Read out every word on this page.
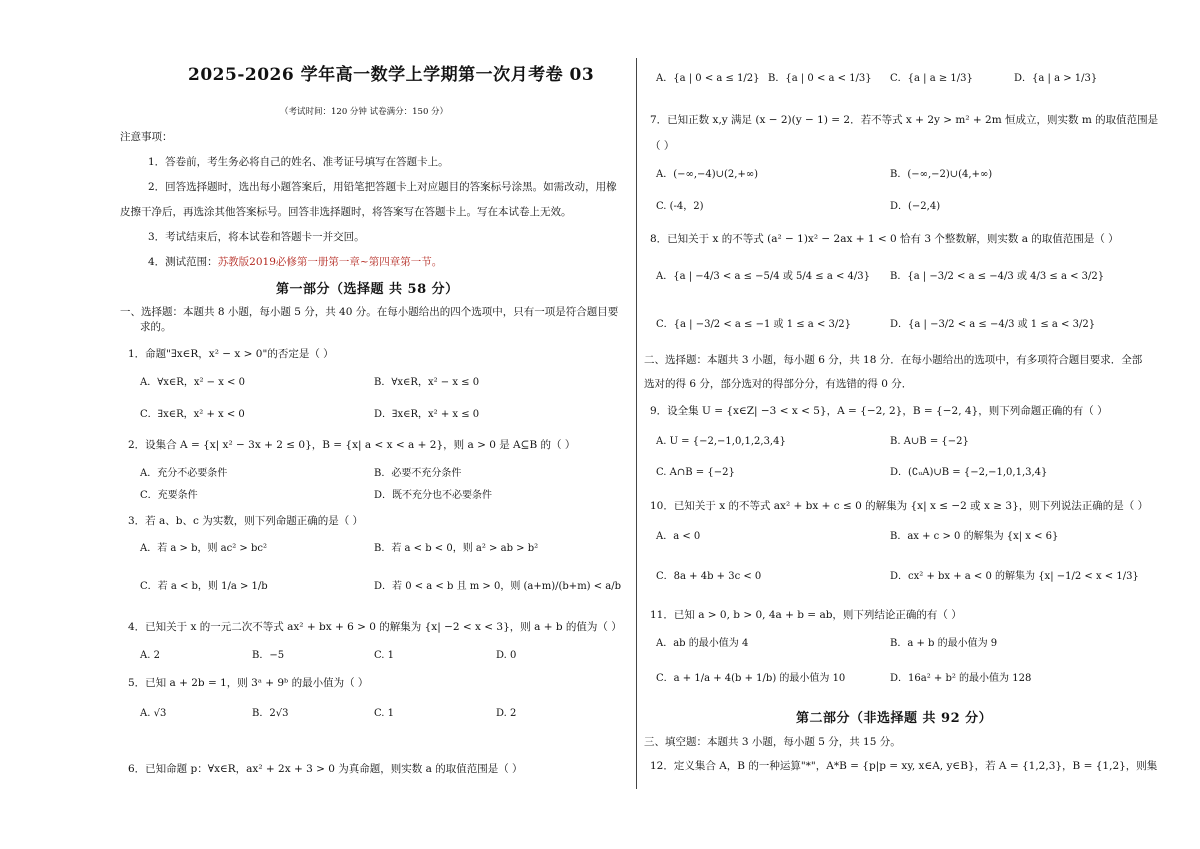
2025-2026 学年高一数学上学期第一次月考卷 03
（考试时间：120 分钟 试卷满分：150 分）
注意事项：
1．答卷前，考生务必将自己的姓名、准考证号填写在答题卡上。
2．回答选择题时，选出每小题答案后，用铅笔把答题卡上对应题目的答案标号涂黑。如需改动，用橡
皮擦干净后，再选涂其他答案标号。回答非选择题时，将答案写在答题卡上。写在本试卷上无效。
3．考试结束后，将本试卷和答题卡一并交回。
4．测试范围：苏教版2019必修第一册第一章~第四章第一节。
第一部分（选择题 共 58 分）
一、选择题：本题共 8 小题，每小题 5 分，共 40 分。在每小题给出的四个选项中，只有一项是符合题目要
求的。
1．命题"∃x∈R，x² − x > 0"的否定是（ ）
A．∀x∈R，x² − x < 0	B．∀x∈R，x² − x ≤ 0
C．∃x∈R，x² + x < 0	D．∃x∈R，x² + x ≤ 0
2．设集合 A = {x| x² − 3x + 2 ≤ 0}，B = {x| a < x < a + 2}，则 a > 0 是 A⊆B 的（ ）
A．充分不必要条件	B．必要不充分条件
C．充要条件	D．既不充分也不必要条件
3．若 a、b、c 为实数，则下列命题正确的是（ ）
A．若 a > b，则 ac² > bc²	B．若 a < b < 0，则 a² > ab > b²
C．若 a < b，则 1/a > 1/b	D．若 0 < a < b 且 m > 0，则 (a+m)/(b+m) < a/b
4．已知关于 x 的一元二次不等式 ax² + bx + 6 > 0 的解集为 {x| −2 < x < 3}，则 a + b 的值为（ ）
A. 2	B．−5	C. 1	D. 0
5．已知 a + 2b = 1，则 3ᵃ + 9ᵇ 的最小值为（ ）
A. √3	B．2√3	C. 1	D. 2
6．已知命题 p：∀x∈R，ax² + 2x + 3 > 0 为真命题，则实数 a 的取值范围是（ ）
A．{a | 0 < a ≤ 1/2} B．{a | 0 < a < 1/3} C．{a | a ≥ 1/3}	D．{a | a > 1/3}
7．已知正数 x,y 满足 (x − 2)(y − 1) = 2．若不等式 x + 2y > m² + 2m 恒成立，则实数 m 的取值范围是
（ ）
A．(−∞,−4)∪(2,+∞)	B．(−∞,−2)∪(4,+∞)
C. (-4，2)	D．(−2,4)
8．已知关于 x 的不等式 (a² − 1)x² − 2ax + 1 < 0 恰有 3 个整数解，则实数 a 的取值范围是（ ）
A．{a | −4/3 < a ≤ −5/4 或 5/4 ≤ a < 4/3} B．{a | −3/2 < a ≤ −4/3 或 4/3 ≤ a < 3/2}
C．{a | −3/2 < a ≤ −1 或 1 ≤ a < 3/2}	D．{a | −3/2 < a ≤ −4/3 或 1 ≤ a < 3/2}
二、选择题：本题共 3 小题，每小题 6 分，共 18 分．在每小题给出的选项中，有多项符合题目要求．全部
选对的得 6 分，部分选对的得部分分，有选错的得 0 分．
9．设全集 U = {x∈Z| −3 < x < 5}，A = {−2, 2}，B = {−2, 4}，则下列命题正确的有（ ）
A. U = {−2,−1,0,1,2,3,4}	B. A∪B = {−2}
C. A∩B = {−2}	D．(∁ᵤA)∪B = {−2,−1,0,1,3,4}
10．已知关于 x 的不等式 ax² + bx + c ≤ 0 的解集为 {x| x ≤ −2 或 x ≥ 3}，则下列说法正确的是（ ）
A．a < 0	B．ax + c > 0 的解集为 {x| x < 6}
C．8a + 4b + 3c < 0	D．cx² + bx + a < 0 的解集为 {x| −1/2 < x < 1/3}
11．已知 a > 0, b > 0, 4a + b = ab，则下列结论正确的有（ ）
A．ab 的最小值为 4	B．a + b 的最小值为 9
C．a + 1/a + 4(b + 1/b) 的最小值为 10	D．16a² + b² 的最小值为 128
第二部分（非选择题 共 92 分）
三、填空题：本题共 3 小题，每小题 5 分，共 15 分。
12．定义集合 A，B 的一种运算"*"，A*B = {p|p = xy, x∈A, y∈B}，若 A = {1,2,3}，B = {1,2}，则集
